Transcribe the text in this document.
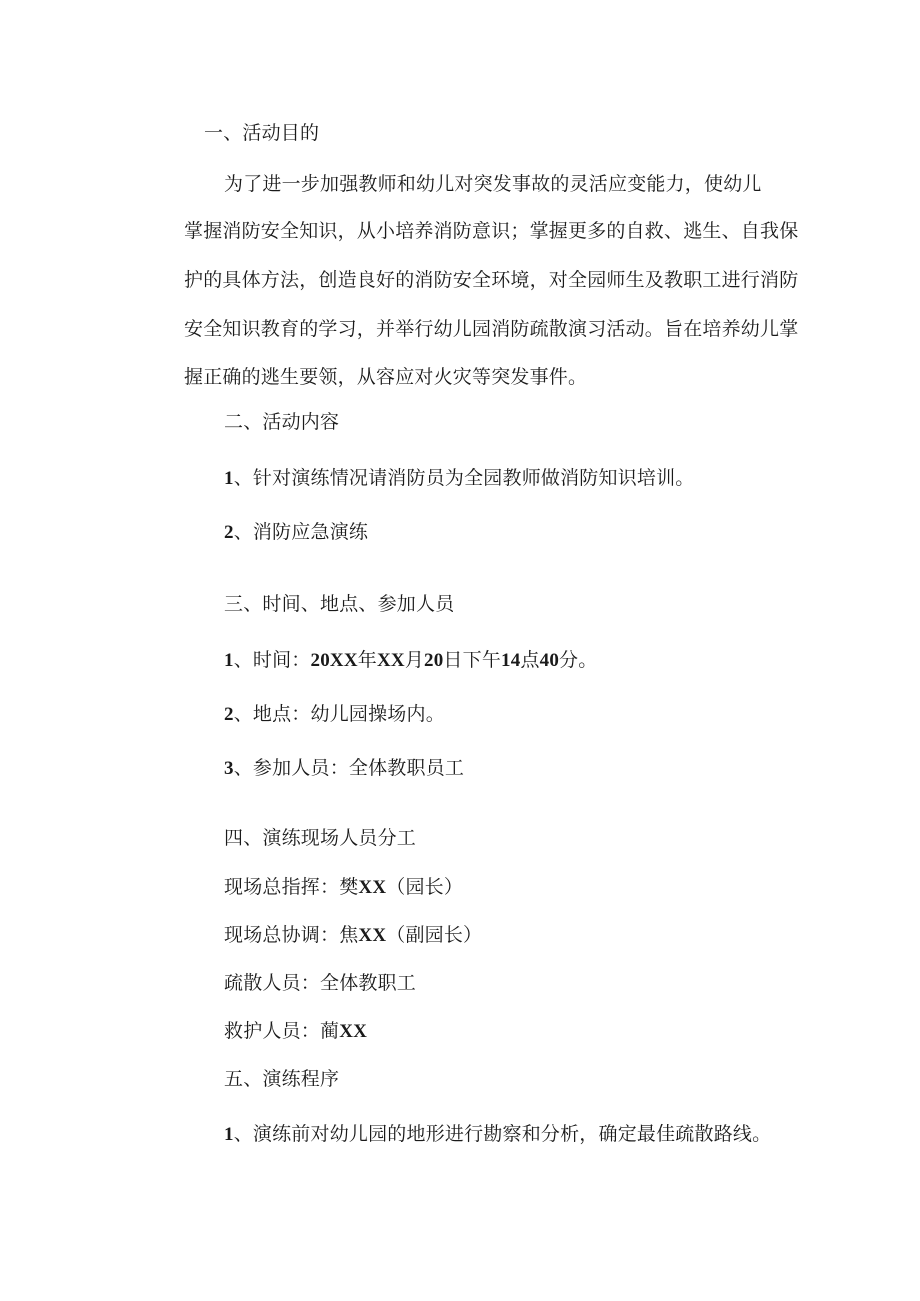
一、活动目的
为了进一步加强教师和幼儿对突发事故的灵活应变能力，使幼儿
掌握消防安全知识，从小培养消防意识；掌握更多的自救、逃生、自我保
护的具体方法，创造良好的消防安全环境，对全园师生及教职工进行消防
安全知识教育的学习，并举行幼儿园消防疏散演习活动。旨在培养幼儿掌
握正确的逃生要领，从容应对火灾等突发事件。
二、活动内容
1、针对演练情况请消防员为全园教师做消防知识培训。
2、消防应急演练
三、时间、地点、参加人员
1、时间：20XX年XX月20日下午14点40分。
2、地点：幼儿园操场内。
3、参加人员：全体教职员工
四、演练现场人员分工
现场总指挥：樊XX（园长）
现场总协调：焦XX（副园长）
疏散人员：全体教职工
救护人员：蔺XX
五、演练程序
1、演练前对幼儿园的地形进行勘察和分析，确定最佳疏散路线。
